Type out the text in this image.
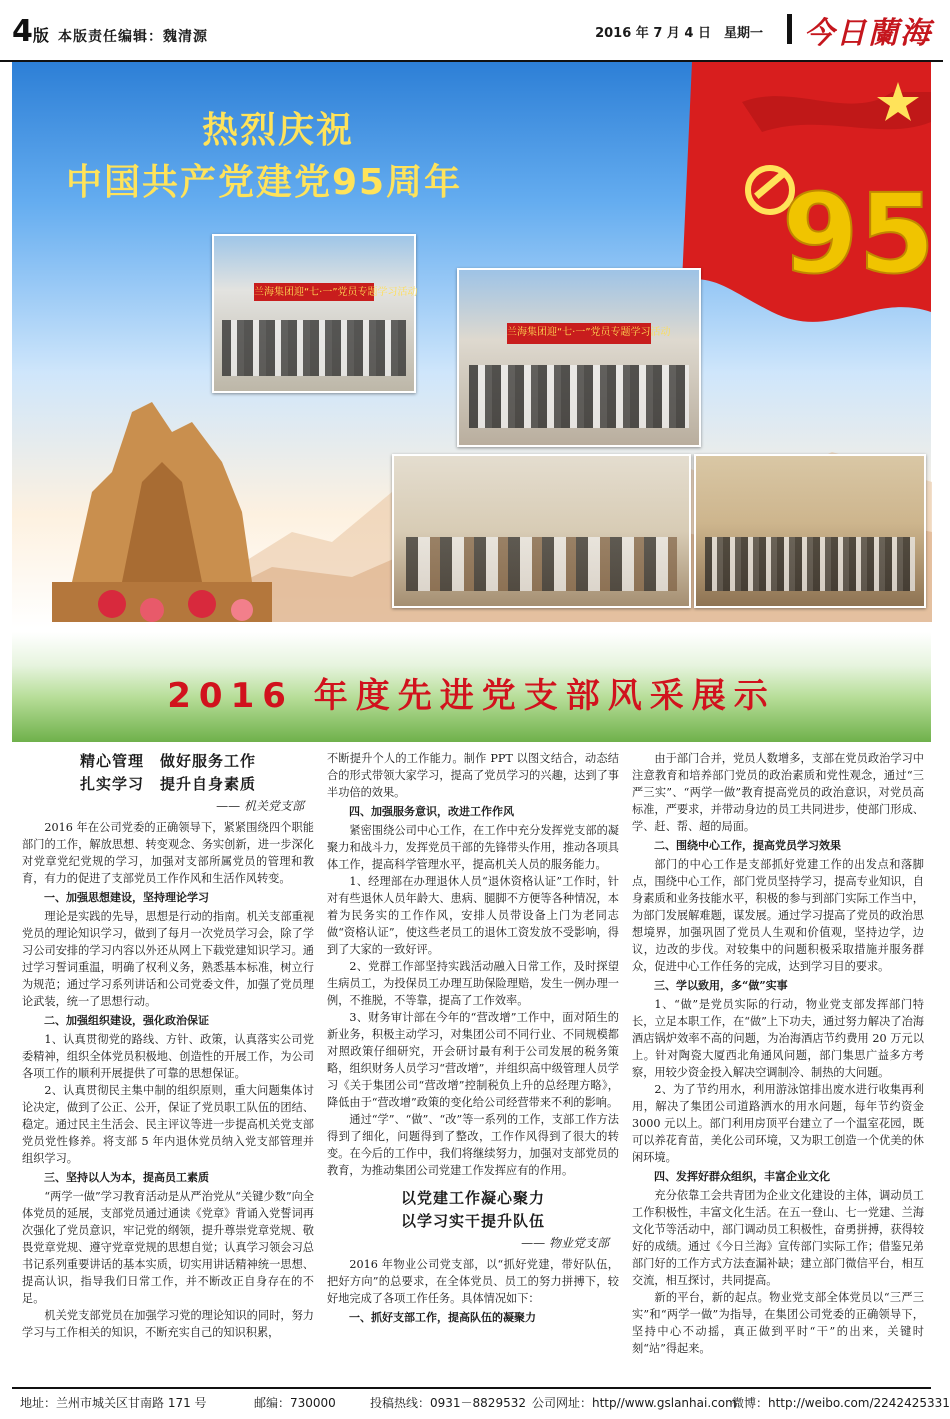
4版 本版责任编辑：魏清源	2016 年 7 月 4 日　星期一 今日蘭海
95
热烈庆祝
中国共产党建党95周年
兰海集团迎“七·一”党员专题学习活动
兰海集团迎“七·一”党员专题学习活动
2016 年度先进党支部风采展示
精心管理　做好服务工作
扎实学习　提升自身素质
—— 机关党支部

2016 年在公司党委的正确领导下，紧紧围绕四个职能部门的工作，解放思想、转变观念、务实创新，进一步深化对党章党纪党规的学习，加强对支部所属党员的管理和教育，有力的促进了支部党员工作作风和生活作风转变。

一、加强思想建设，坚持理论学习

理论是实践的先导，思想是行动的指南。机关支部重视党员的理论知识学习，做到了每月一次党员学习会，除了学习公司安排的学习内容以外还从网上下载党建知识学习。通过学习誓词重温，明确了权利义务，熟悉基本标准，树立行为规范；通过学习系列讲话和公司党委文件，加强了党员理论武装，统一了思想行动。

二、加强组织建设，强化政治保证

1、认真贯彻党的路线、方针、政策，认真落实公司党委精神，组织全体党员积极地、创造性的开展工作，为公司各项工作的顺利开展提供了可靠的思想保证。

2、认真贯彻民主集中制的组织原则，重大问题集体讨论决定，做到了公正、公开，保证了党员职工队伍的团结、稳定。通过民主生活会、民主评议等进一步提高机关党支部党员党性修养。将支部 5 年内退休党员纳入党支部管理并组织学习。

三、坚持以人为本，提高员工素质

“两学一做”学习教育活动是从严治党从“关键少数”向全体党员的延展，支部党员通过通读《党章》背诵入党誓词再次强化了党员意识，牢记党的纲领，提升尊崇党章党规、敬畏党章党规、遵守党章党规的思想自觉；认真学习领会习总书记系列重要讲话的基本实质，切实用讲话精神统一思想、提高认识，指导我们日常工作，并不断改正自身存在的不足。

机关党支部党员在加强学习党的理论知识的同时，努力学习与工作相关的知识，不断充实自己的知识积累，

不断提升个人的工作能力。制作 PPT 以图文结合，动态结合的形式带领大家学习，提高了党员学习的兴趣，达到了事半功倍的效果。

四、加强服务意识，改进工作作风

紧密围绕公司中心工作，在工作中充分发挥党支部的凝聚力和战斗力，发挥党员干部的先锋带头作用，推动各项具体工作，提高科学管理水平，提高机关人员的服务能力。

1、经理部在办理退休人员“退休资格认证”工作时，针对有些退休人员年龄大、患病、腿脚不方便等各种情况，本着为民务实的工作作风，安排人员带设备上门为老同志做“资格认证”，使这些老员工的退休工资发放不受影响，得到了大家的一致好评。

2、党群工作部坚持实践活动融入日常工作，及时探望生病员工，为投保员工办理互助保险理赔，发生一例办理一例，不推脱，不等靠，提高了工作效率。

3、财务审计部在今年的“营改增”工作中，面对陌生的新业务，积极主动学习，对集团公司不同行业、不同规模都对照政策仔细研究，开会研讨最有利于公司发展的税务策略，组织财务人员学习“营改增”，并组织高中级管理人员学习《关于集团公司“营改增”控制税负上升的总经理方略》，降低由于“营改增”政策的变化给公司经营带来不利的影响。

通过“学”、“做”、“改”等一系列的工作，支部工作方法得到了细化，问题得到了整改，工作作风得到了很大的转变。在今后的工作中，我们将继续努力，加强对支部党员的教育，为推动集团公司党建工作发挥应有的作用。

以党建工作凝心聚力
以学习实干提升队伍
—— 物业党支部

2016 年物业公司党支部，以“抓好党建，带好队伍，把好方向”的总要求，在全体党员、员工的努力拼搏下，较好地完成了各项工作任务。具体情况如下：

一、抓好支部工作，提高队伍的凝聚力

由于部门合并，党员人数增多，支部在党员政治学习中注意教育和培养部门党员的政治素质和党性观念，通过“三严三实”、“两学一做”教育提高党员的政治意识，对党员高标准，严要求，并带动身边的员工共同进步，使部门形成、学、赶、帮、超的局面。

二、围绕中心工作，提高党员学习效果

部门的中心工作是支部抓好党建工作的出发点和落脚点，围绕中心工作，部门党员坚持学习，提高专业知识，自身素质和业务技能水平，积极的参与到部门实际工作当中，为部门发展解难题，谋发展。通过学习提高了党员的政治思想境界，加强巩固了党员人生观和价值观，坚持边学，边议，边改的步伐。对较集中的问题积极采取措施并服务群众，促进中心工作任务的完成，达到学习目的要求。

三、学以致用，多“做”实事

1、“做”是党员实际的行动，物业党支部发挥部门特长，立足本职工作，在“做”上下功夫，通过努力解决了冶海酒店锅炉效率不高的问题，为冶海酒店节约费用 20 万元以上。针对陶瓷大厦西北角通风问题，部门集思广益多方考察，用较少资金投入解决空调制冷、制热的大问题。

2、为了节约用水，利用游泳馆排出废水进行收集再利用，解决了集团公司道路洒水的用水问题，每年节约资金 3000 元以上。部门利用房顶平台建立了一个温室花园，既可以养花育苗，美化公司环境，又为职工创造一个优美的休闲环境。

四、发挥好群众组织，丰富企业文化

充分依靠工会共青团为企业文化建设的主体，调动员工工作积极性，丰富文化生活。在五一登山、七一党建、兰海文化节等活动中，部门调动员工积极性，奋勇拼搏，获得较好的成绩。通过《今日兰海》宣传部门实际工作；借鉴兄弟部门好的工作方式方法查漏补缺；建立部门微信平台，相互交流，相互探讨，共同提高。

新的平台，新的起点。物业党支部全体党员以“三严三实”和“两学一做”为指导，在集团公司党委的正确领导下，坚持中心不动摇，真正做到平时“干”的出来，关键时刻“站”得起来。

地址：兰州市城关区甘南路 171 号	邮编：730000	投稿热线：0931－8829532 公司网址：http//www.gslanhai.com
微博：http://weibo.com/2242425331
